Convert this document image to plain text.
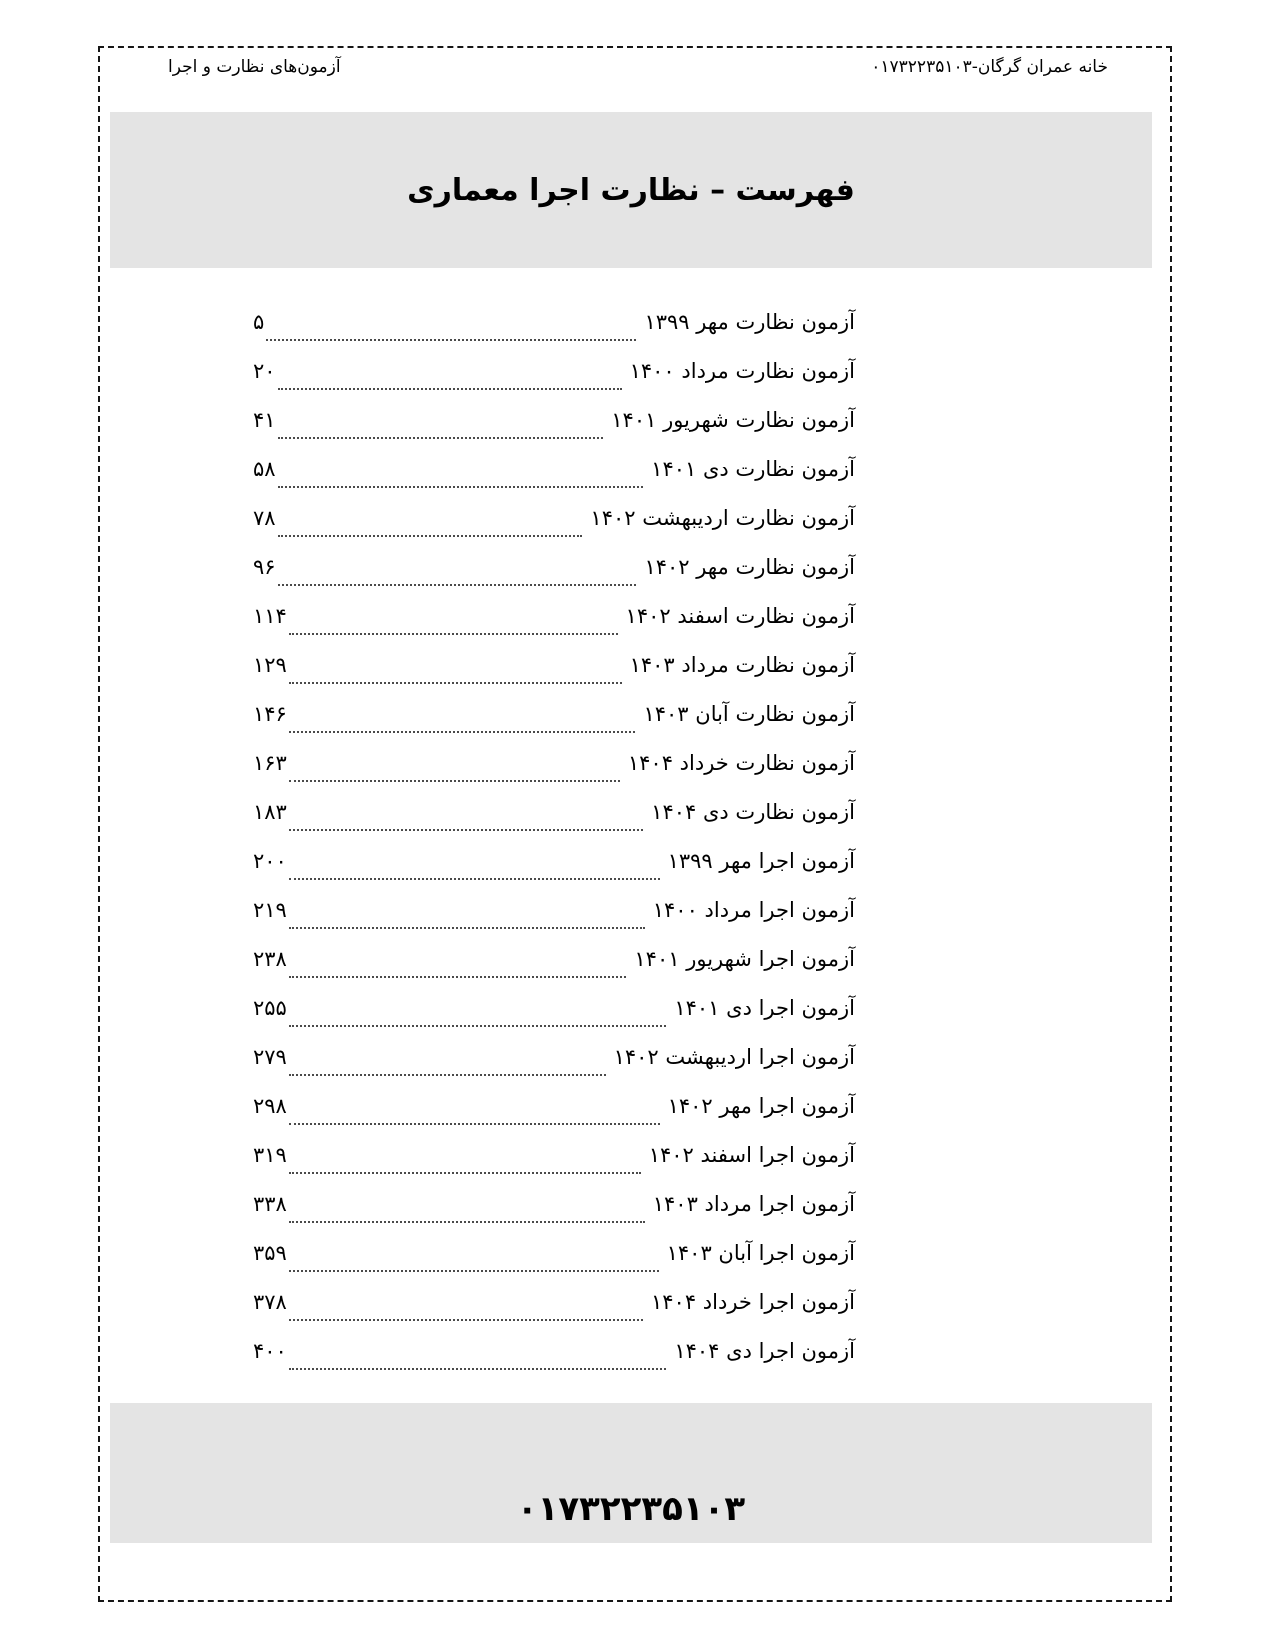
خانه عمران گرگان-۰۱۷۳۲۲۳۵۱۰۳
آزمون‌های نظارت و اجرا
فهرست – نظارت اجرا معماری
آزمون نظارت مهر ۱۳۹۹
۵
آزمون نظارت مرداد ۱۴۰۰
۲۰
آزمون نظارت شهریور ۱۴۰۱
۴۱
آزمون نظارت دی ۱۴۰۱
۵۸
آزمون نظارت اردیبهشت ۱۴۰۲
۷۸
آزمون نظارت مهر ۱۴۰۲
۹۶
آزمون نظارت اسفند ۱۴۰۲
۱۱۴
آزمون نظارت مرداد ۱۴۰۳
۱۲۹
آزمون نظارت آبان ۱۴۰۳
۱۴۶
آزمون نظارت خرداد ۱۴۰۴
۱۶۳
آزمون نظارت دی ۱۴۰۴
۱۸۳
آزمون اجرا مهر ۱۳۹۹
۲۰۰
آزمون اجرا مرداد ۱۴۰۰
۲۱۹
آزمون اجرا شهریور ۱۴۰۱
۲۳۸
آزمون اجرا دی ۱۴۰۱
۲۵۵
آزمون اجرا اردیبهشت ۱۴۰۲
۲۷۹
آزمون اجرا مهر ۱۴۰۲
۲۹۸
آزمون اجرا اسفند ۱۴۰۲
۳۱۹
آزمون اجرا مرداد ۱۴۰۳
۳۳۸
آزمون اجرا آبان ۱۴۰۳
۳۵۹
آزمون اجرا خرداد ۱۴۰۴
۳۷۸
آزمون اجرا دی ۱۴۰۴
۴۰۰
۰۱۷۳۲۲۳۵۱۰۳
